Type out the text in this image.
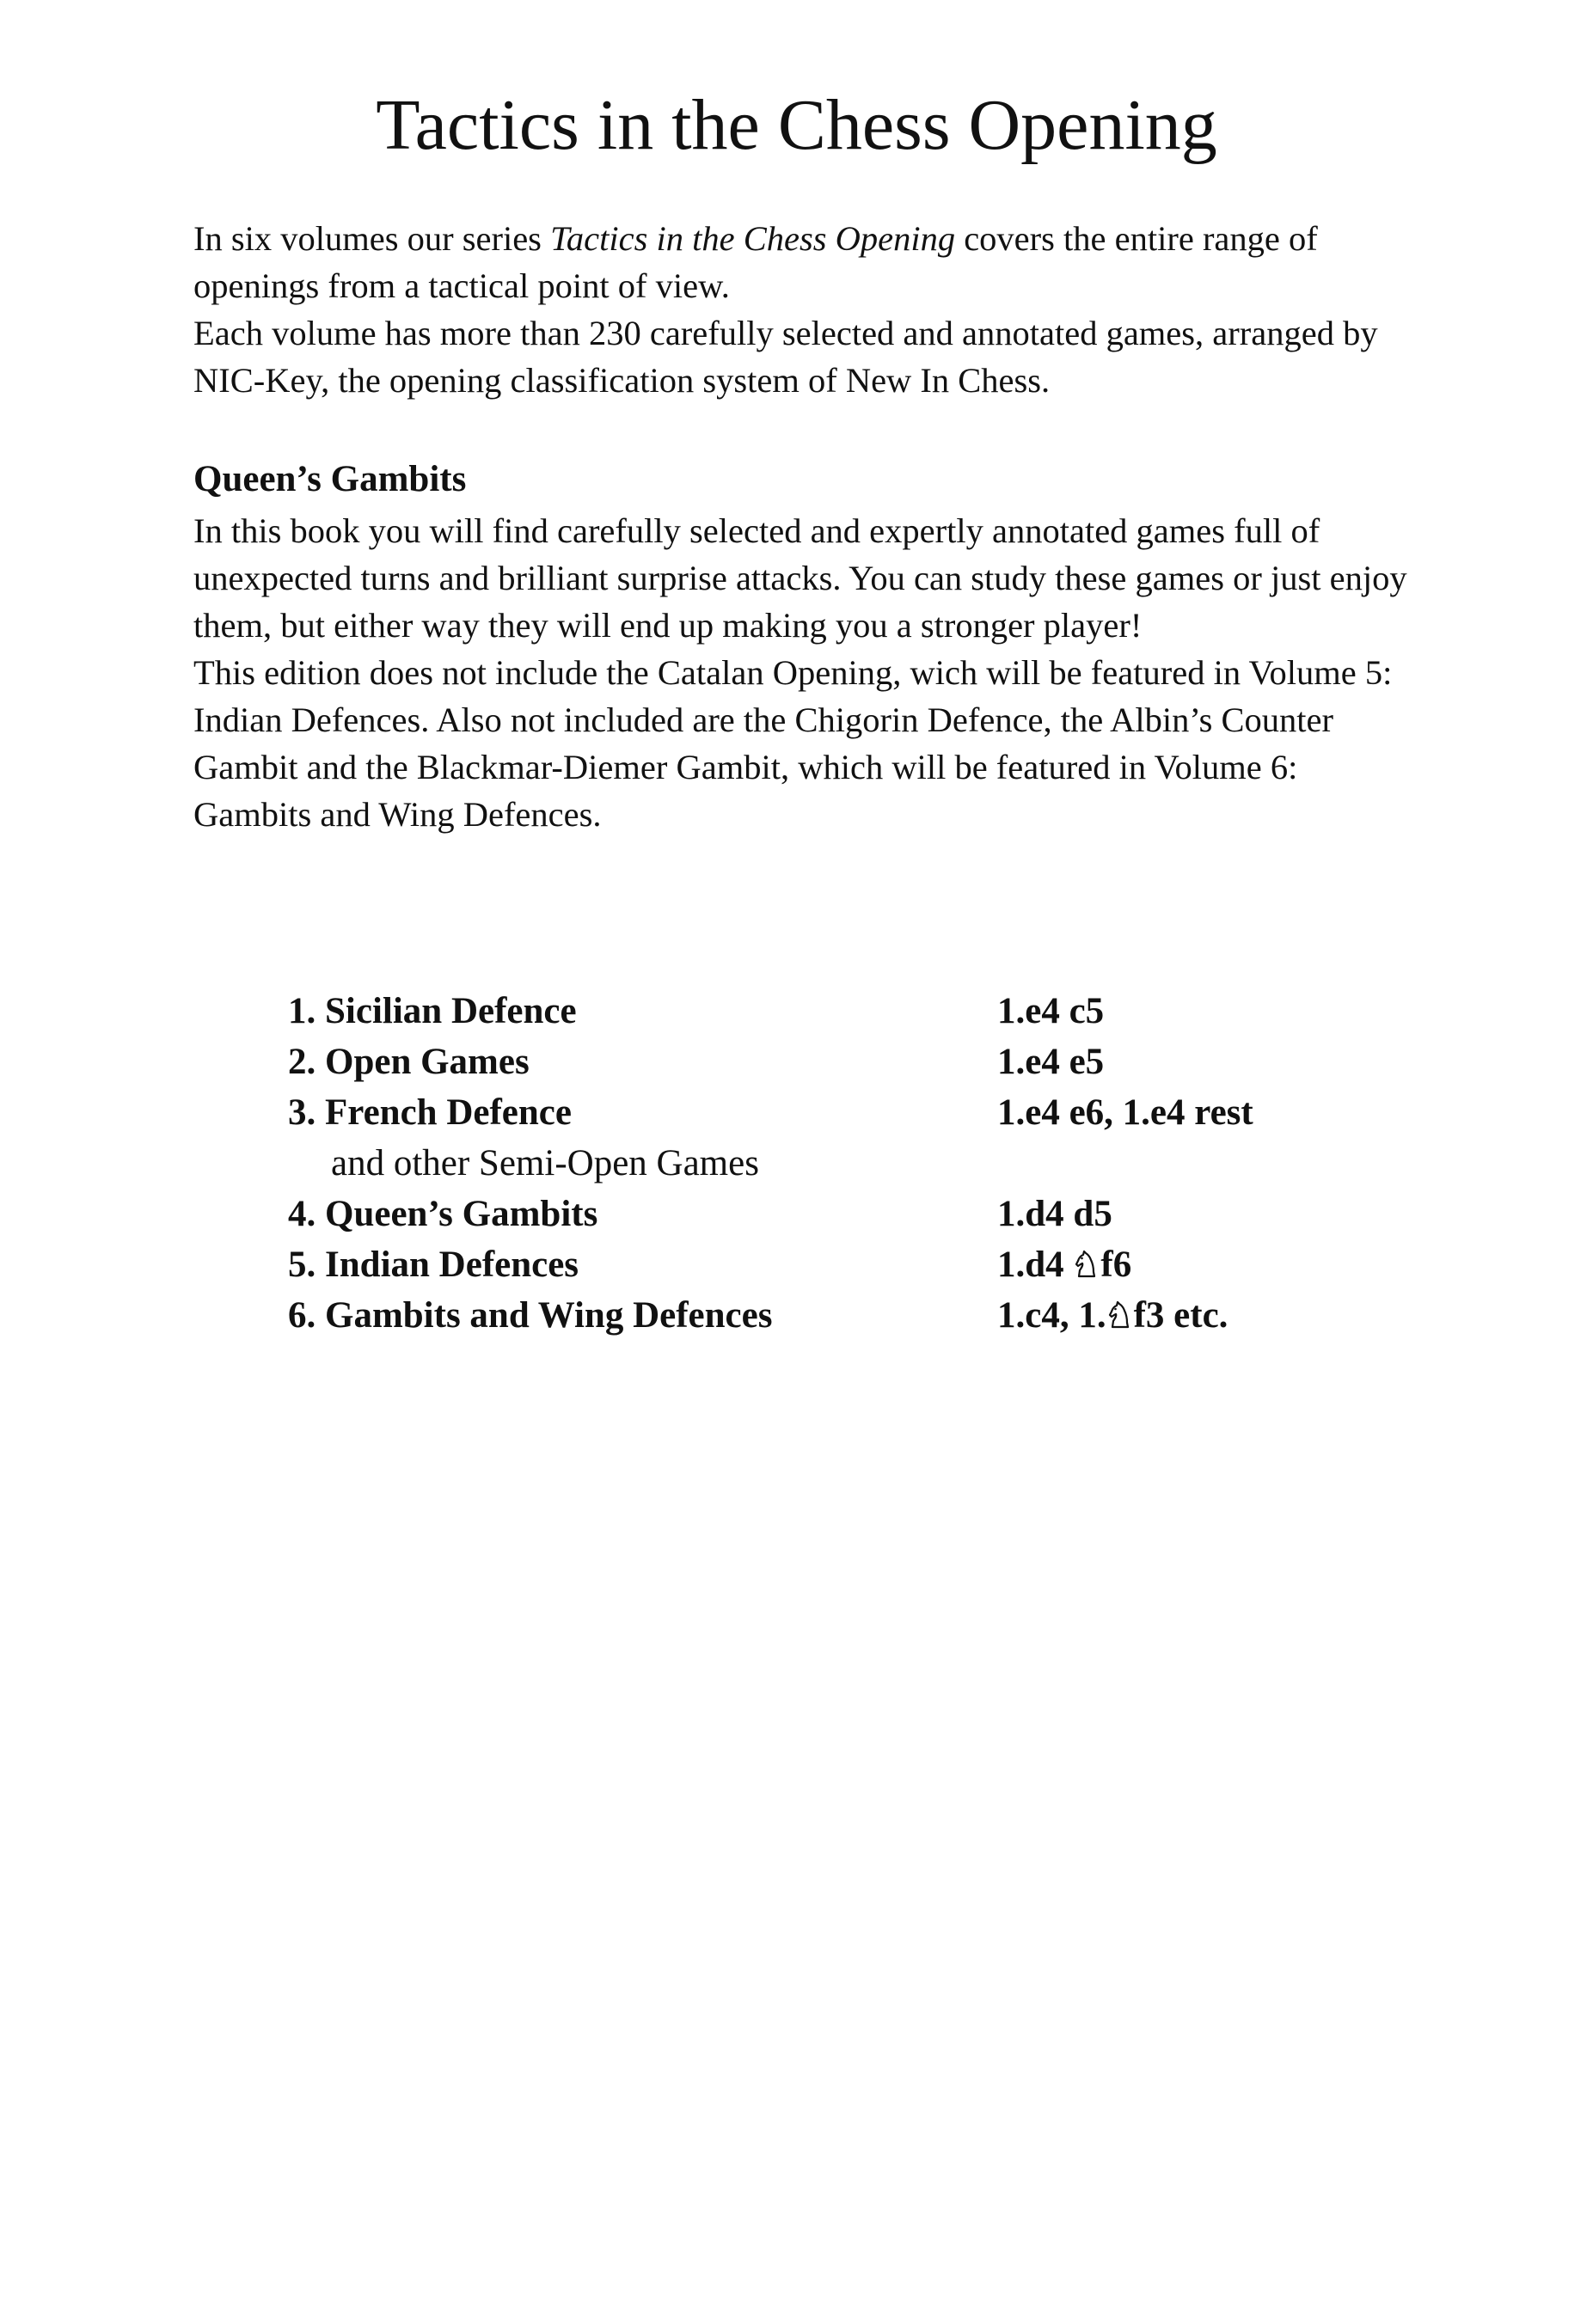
Tactics in the Chess Opening

In six volumes our series Tactics in the Chess Opening covers the entire range of openings from a tactical point of view.

Each volume has more than 230 carefully selected and annotated games, arranged by NIC-Key, the opening classification system of New In Chess.

Queen’s Gambits

In this book you will find carefully selected and expertly annotated games full of unexpected turns and brilliant surprise attacks. You can study these games or just enjoy them, but either way they will end up making you a stronger player!

This edition does not include the Catalan Opening, wich will be featured in Volume 5: Indian Defences. Also not included are the Chigorin Defence, the Albin’s Counter Gambit and the Blackmar-Diemer Gambit, which will be featured in Volume 6: Gambits and Wing Defences.

1. Sicilian Defence	1.e4 c5
2. Open Games	1.e4 e5
3. French Defence	1.e4 e6, 1.e4 rest
and other Semi-Open Games
4. Queen’s Gambits	1.d4 d5
5. Indian Defences	1.d4 f6
6. Gambits and Wing Defences	1.c4, 1. f3 etc.
